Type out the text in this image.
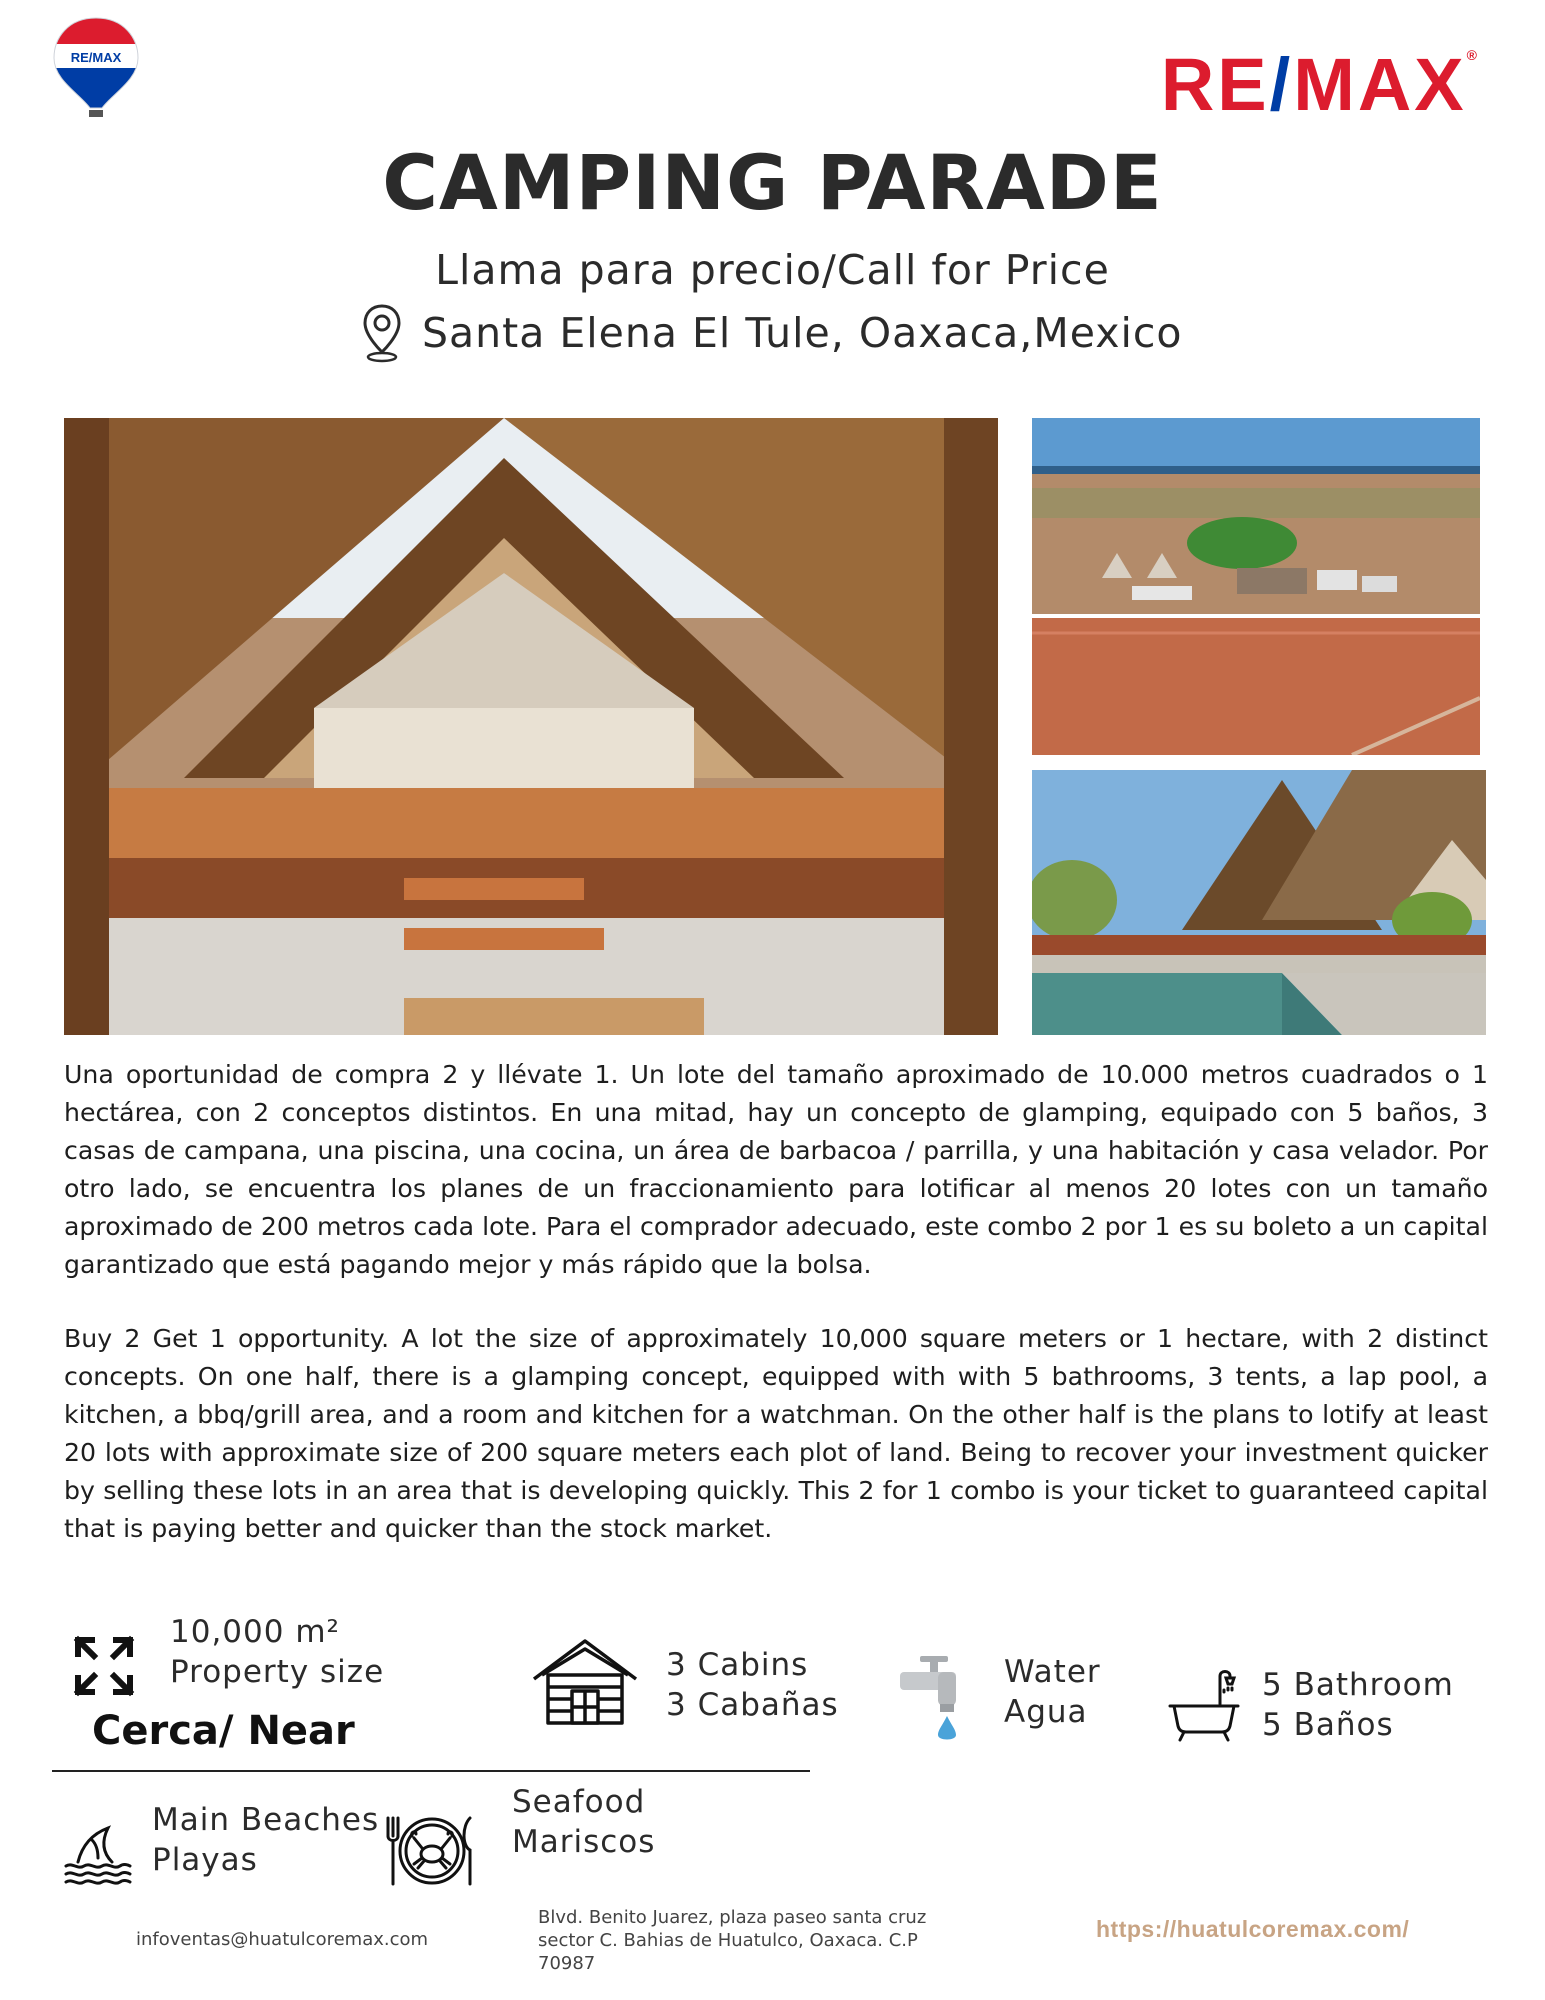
RE/MAX	RE/MAX®
CAMPING PARADE
Llama para precio/Call for Price
Santa Elena El Tule, Oaxaca,Mexico
Una oportunidad de compra 2 y llévate 1. Un lote del tamaño aproximado de 10.000 metros cuadrados o 1 hectárea, con 2 conceptos distintos. En una mitad, hay un concepto de glamping, equipado con 5 baños, 3 casas de campana, una piscina, una cocina, un área de barbacoa / parrilla, y una habitación y casa velador. Por otro lado, se encuentra los planes de un fraccionamiento para lotificar al menos 20 lotes con un tamaño aproximado de 200 metros cada lote. Para el comprador adecuado, este combo 2 por 1 es su boleto a un capital garantizado que está pagando mejor y más rápido que la bolsa.
Buy 2 Get 1 opportunity. A lot the size of approximately 10,000 square meters or 1 hectare, with 2 distinct concepts. On one half, there is a glamping concept, equipped with with 5 bathrooms, 3 tents, a lap pool, a kitchen, a bbq/grill area, and a room and kitchen for a watchman. On the other half is the plans to lotify at least 20 lots with approximate size of 200 square meters each plot of land. Being to recover your investment quicker by selling these lots in an area that is developing quickly. This 2 for 1 combo is your ticket to guaranteed capital that is paying better and quicker than the stock market.
10,000 m²
Property size	3 Cabins
3 Cabañas
Water
Agua
5 Bathroom
5 Baños
Cerca/ Near
Main Beaches
Playas
Seafood
Mariscos
infoventas@huatulcoremax.com
Blvd. Benito Juarez, plaza paseo santa cruz
sector C. Bahias de Huatulco, Oaxaca. C.P
70987
https://huatulcoremax.com/
